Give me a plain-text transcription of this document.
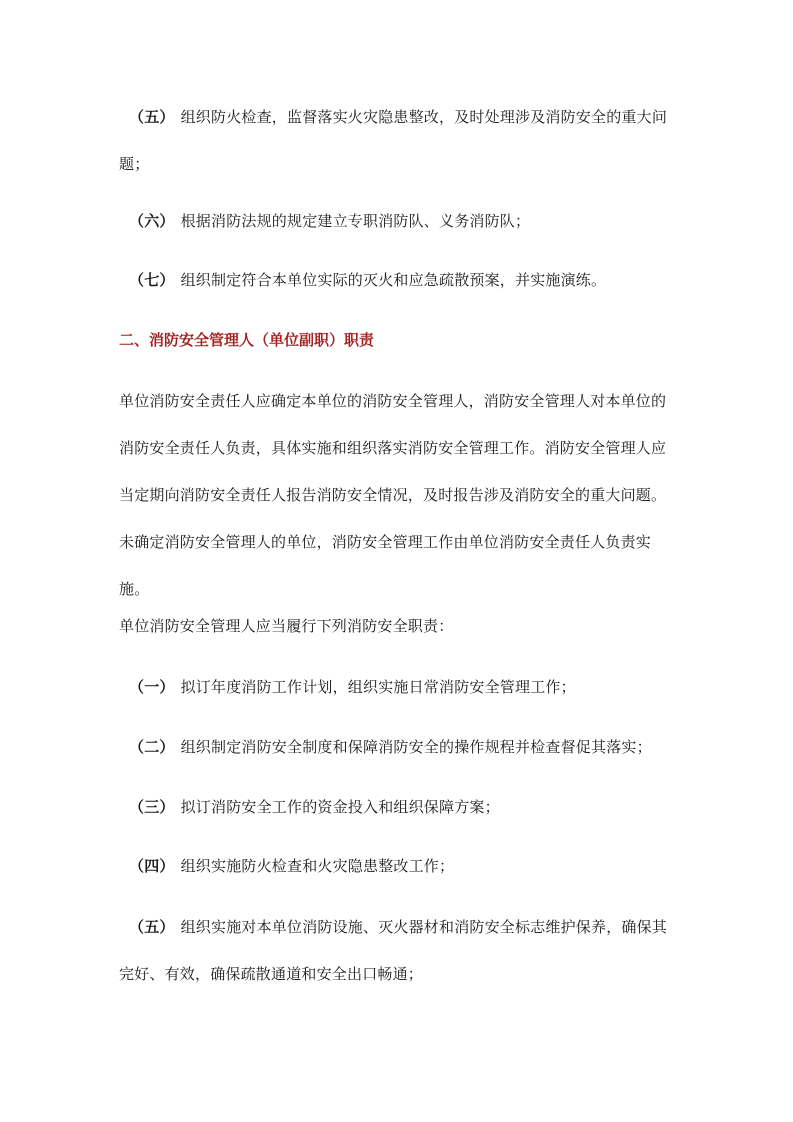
（五） 组织防火检查，监督落实火灾隐患整改，及时处理涉及消防安全的重大问题；
（六） 根据消防法规的规定建立专职消防队、义务消防队；
（七） 组织制定符合本单位实际的灭火和应急疏散预案，并实施演练。
二、消防安全管理人（单位副职）职责
单位消防安全责任人应确定本单位的消防安全管理人，消防安全管理人对本单位的消防安全责任人负责，具体实施和组织落实消防安全管理工作。消防安全管理人应当定期向消防安全责任人报告消防安全情况，及时报告涉及消防安全的重大问题。未确定消防安全管理人的单位，消防安全管理工作由单位消防安全责任人负责实施。
单位消防安全管理人应当履行下列消防安全职责：
（一） 拟订年度消防工作计划，组织实施日常消防安全管理工作；
（二） 组织制定消防安全制度和保障消防安全的操作规程并检查督促其落实；
（三） 拟订消防安全工作的资金投入和组织保障方案；
（四） 组织实施防火检查和火灾隐患整改工作；
（五） 组织实施对本单位消防设施、灭火器材和消防安全标志维护保养，确保其完好、有效，确保疏散通道和安全出口畅通；
